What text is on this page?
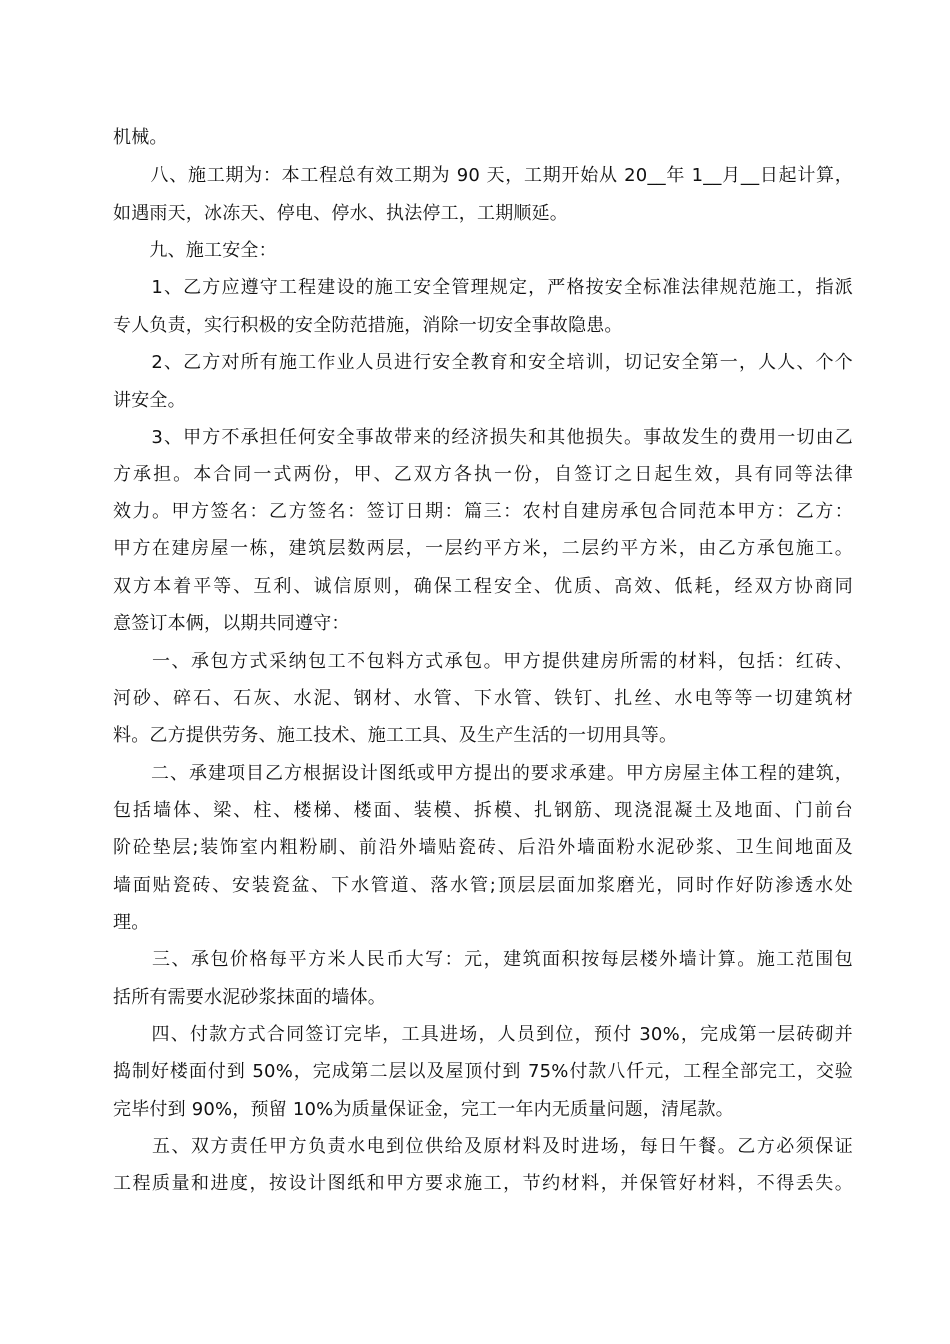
机械。
　　八、施工期为：本工程总有效工期为 90 天，工期开始从 20__年 1__月__日起计算，
如遇雨天，冰冻天、停电、停水、执法停工，工期顺延。
　　九、施工安全：
　　1、乙方应遵守工程建设的施工安全管理规定，严格按安全标准法律规范施工，指派
专人负责，实行积极的安全防范措施，消除一切安全事故隐患。
　　2、乙方对所有施工作业人员进行安全教育和安全培训，切记安全第一，人人、个个
讲安全。
　　3、甲方不承担任何安全事故带来的经济损失和其他损失。事故发生的费用一切由乙
方承担。本合同一式两份，甲、乙双方各执一份，自签订之日起生效，具有同等法律
效力。甲方签名：乙方签名：签订日期：篇三：农村自建房承包合同范本甲方：乙方：
甲方在建房屋一栋，建筑层数两层，一层约平方米，二层约平方米，由乙方承包施工。
双方本着平等、互利、诚信原则，确保工程安全、优质、高效、低耗，经双方协商同
意签订本俩，以期共同遵守：
　　一、承包方式采纳包工不包料方式承包。甲方提供建房所需的材料，包括：红砖、
河砂、碎石、石灰、水泥、钢材、水管、下水管、铁钉、扎丝、水电等等一切建筑材
料。乙方提供劳务、施工技术、施工工具、及生产生活的一切用具等。
　　二、承建项目乙方根据设计图纸或甲方提出的要求承建。甲方房屋主体工程的建筑，
包括墙体、梁、柱、楼梯、楼面、装模、拆模、扎钢筋、现浇混凝土及地面、门前台
阶砼垫层;装饰室内粗粉刷、前沿外墙贴瓷砖、后沿外墙面粉水泥砂浆、卫生间地面及
墙面贴瓷砖、安装瓷盆、下水管道、落水管;顶层层面加浆磨光，同时作好防渗透水处
理。
　　三、承包价格每平方米人民币大写：元，建筑面积按每层楼外墙计算。施工范围包
括所有需要水泥砂浆抹面的墙体。
　　四、付款方式合同签订完毕，工具进场，人员到位，预付 30%，完成第一层砖砌并
捣制好楼面付到 50%，完成第二层以及屋顶付到 75%付款八仟元，工程全部完工，交验
完毕付到 90%，预留 10%为质量保证金，完工一年内无质量问题，清尾款。
　　五、双方责任甲方负责水电到位供给及原材料及时进场，每日午餐。乙方必须保证
工程质量和进度，按设计图纸和甲方要求施工，节约材料，并保管好材料，不得丢失。
